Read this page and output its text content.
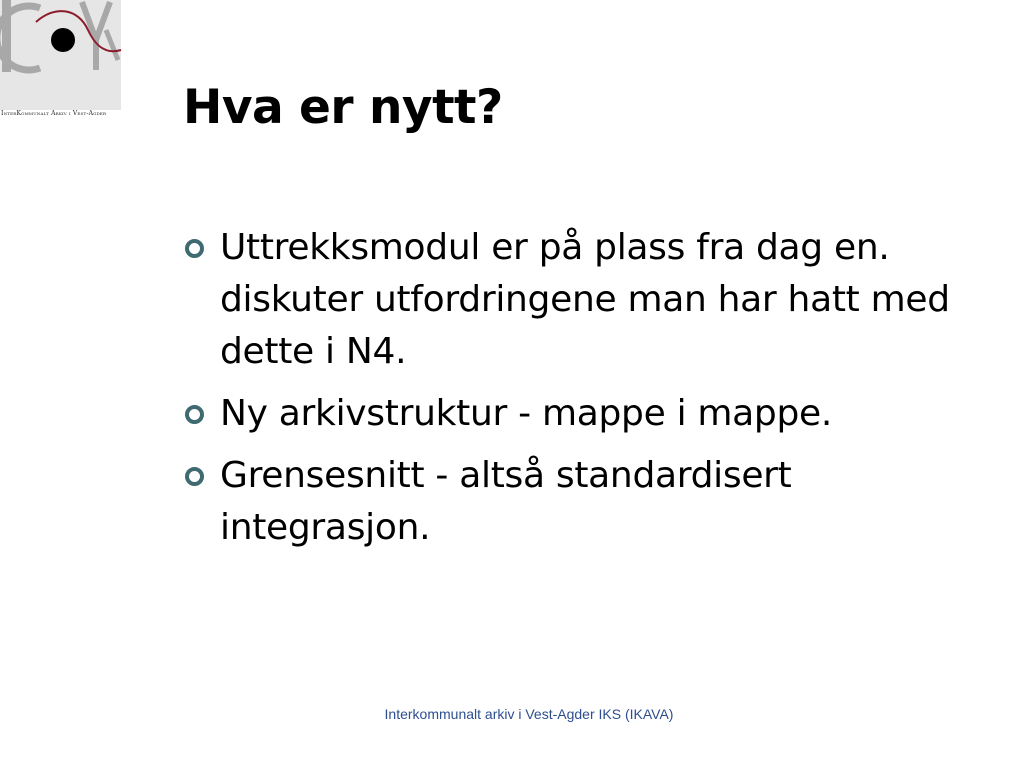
InterKommunalt Arkiv i Vest-Agder	Hva er nytt?
Uttrekksmodul er på plass fra dag en. diskuter utfordringene man har hatt med dette i N4.
Ny arkivstruktur - mappe i mappe.
Grensesnitt - altså standardisert integrasjon.
Interkommunalt arkiv i Vest-Agder IKS (IKAVA)
